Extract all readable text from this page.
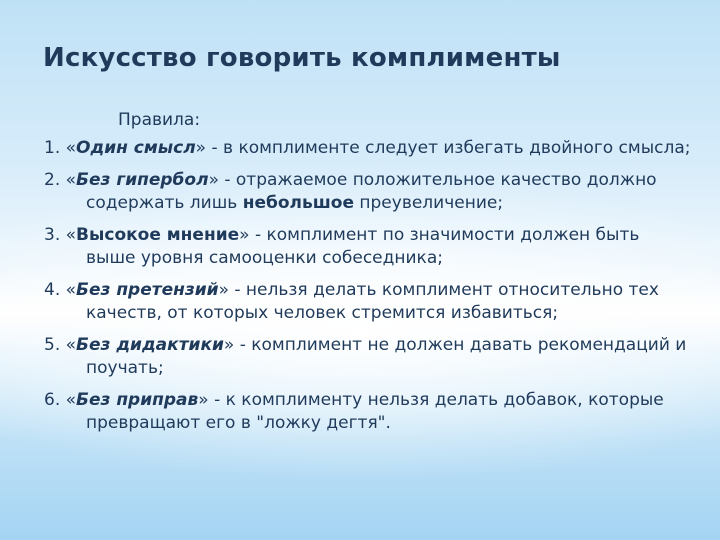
Искусство говорить комплименты
Правила:
1. «Один смысл» - в комплименте следует избегать двойного смысла;
2. «Без гипербол» - отражаемое положительное качество должно содержать лишь небольшое преувеличение;
3. «Высокое мнение» - комплимент по значимости должен быть выше уровня самооценки собеседника;
4. «Без претензий» - нельзя делать комплимент относительно тех качеств, от которых человек стремится избавиться;
5. «Без дидактики» - комплимент не должен давать рекомендаций и поучать;
6. «Без приправ» - к комплименту нельзя делать добавок, которые превращают его в "ложку дегтя".
